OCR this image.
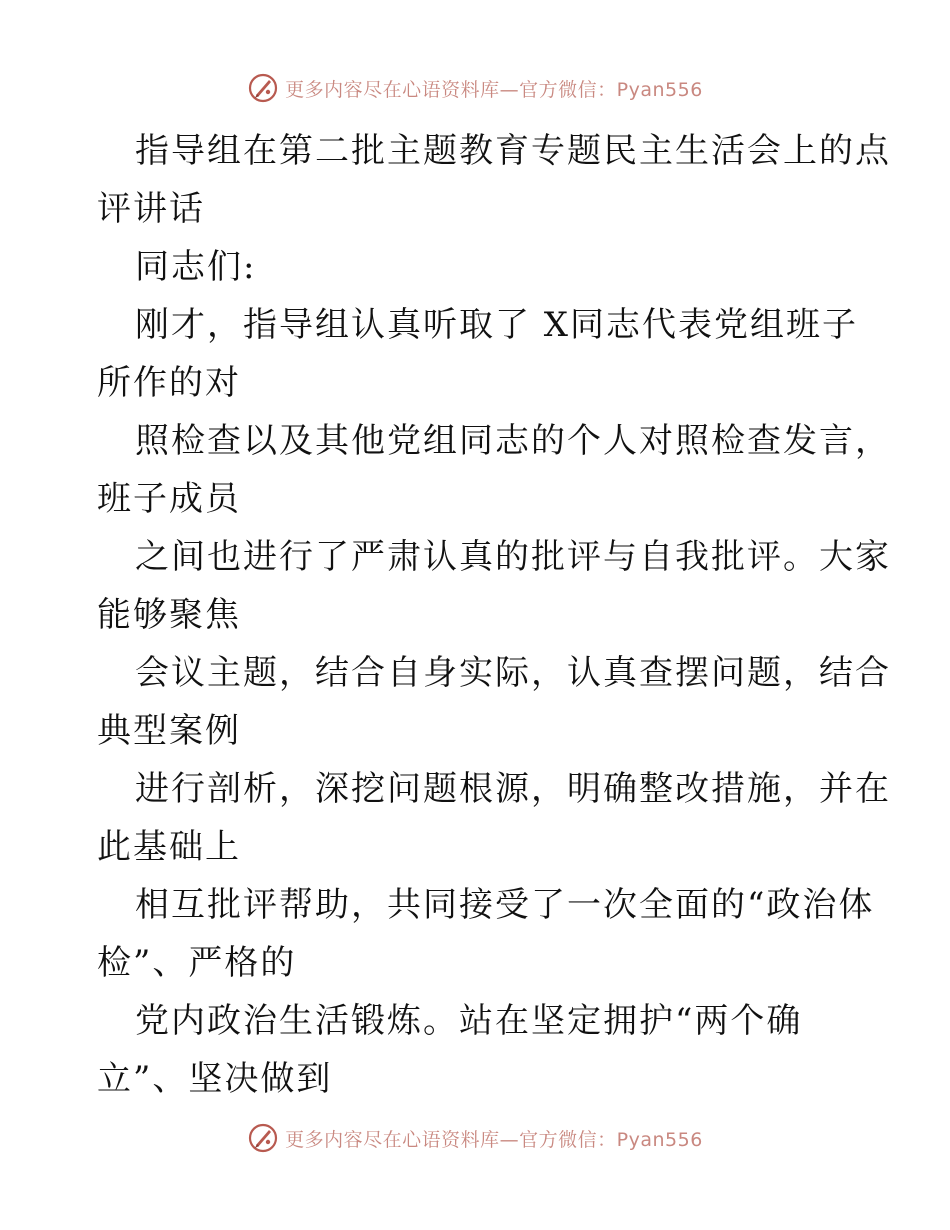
更多内容尽在心语资料库—官方微信：Pyan556
指导组在第二批主题教育专题民主生活会上的点
评讲话
同志们:
刚才，指导组认真听取了 X同志代表党组班子
所作的对
照检查以及其他党组同志的个人对照检查发言，
班子成员
之间也进行了严肃认真的批评与自我批评。大家
能够聚焦
会议主题，结合自身实际，认真查摆问题，结合
典型案例
进行剖析，深挖问题根源，明确整改措施，并在
此基础上
相互批评帮助，共同接受了一次全面的“政治体
检”、严格的
党内政治生活锻炼。站在坚定拥护“两个确
立”、坚决做到
更多内容尽在心语资料库—官方微信：Pyan556
